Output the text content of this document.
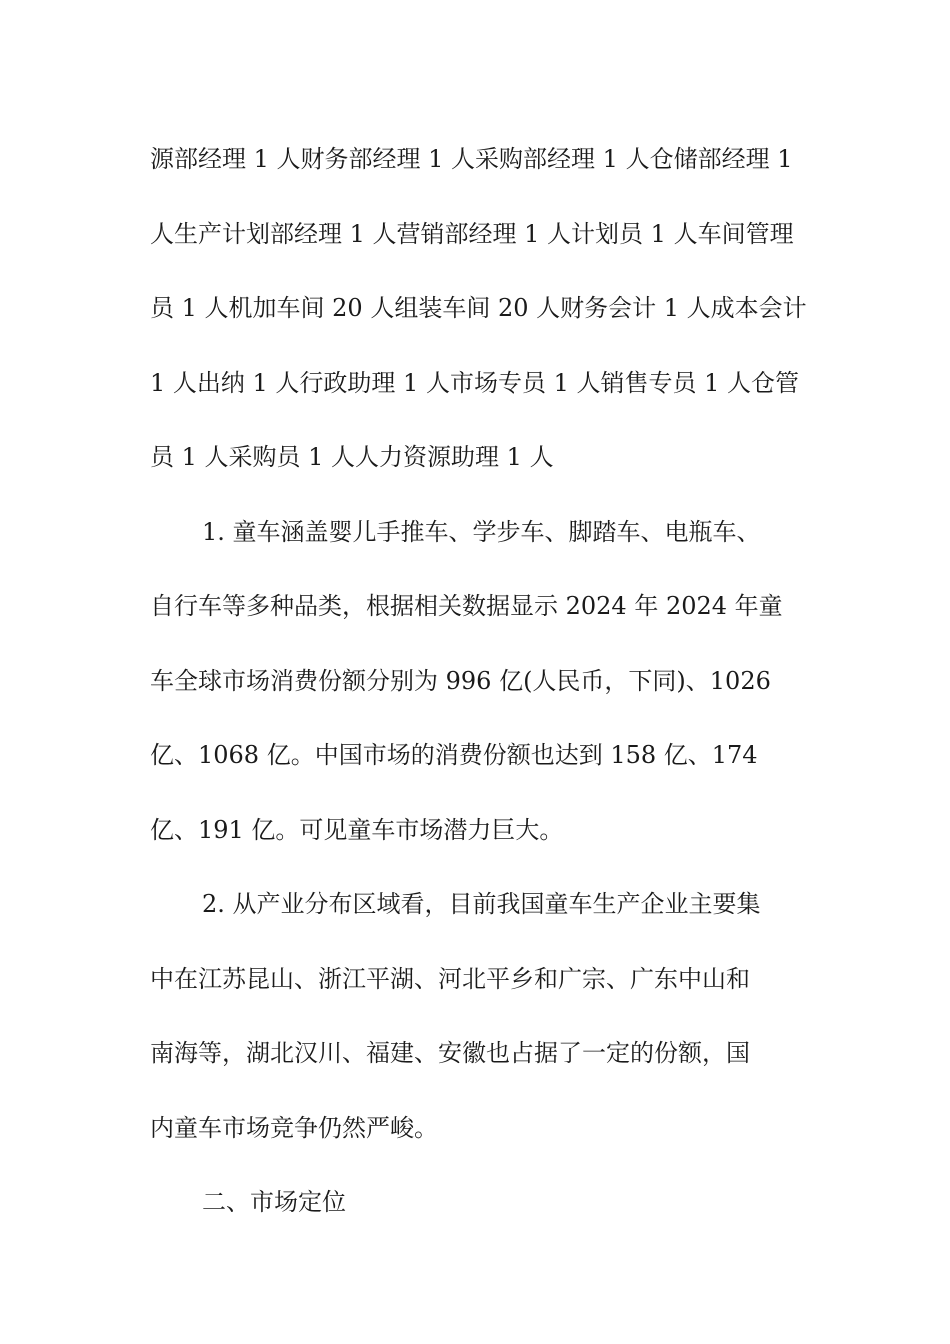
源部经理 1 人财务部经理 1 人采购部经理 1 人仓储部经理 1
人生产计划部经理 1 人营销部经理 1 人计划员 1 人车间管理
员 1 人机加车间 20 人组装车间 20 人财务会计 1 人成本会计
1 人出纳 1 人行政助理 1 人市场专员 1 人销售专员 1 人仓管
员 1 人采购员 1 人人力资源助理 1 人
1. 童车涵盖婴儿手推车、学步车、脚踏车、电瓶车、
自行车等多种品类，根据相关数据显示 2024 年 2024 年童
车全球市场消费份额分别为 996 亿(人民币，下同)、1026
亿、1068 亿。中国市场的消费份额也达到 158 亿、174
亿、191 亿。可见童车市场潜力巨大。
2. 从产业分布区域看，目前我国童车生产企业主要集
中在江苏昆山、浙江平湖、河北平乡和广宗、广东中山和
南海等，湖北汉川、福建、安徽也占据了一定的份额，国
内童车市场竞争仍然严峻。
二、市场定位
